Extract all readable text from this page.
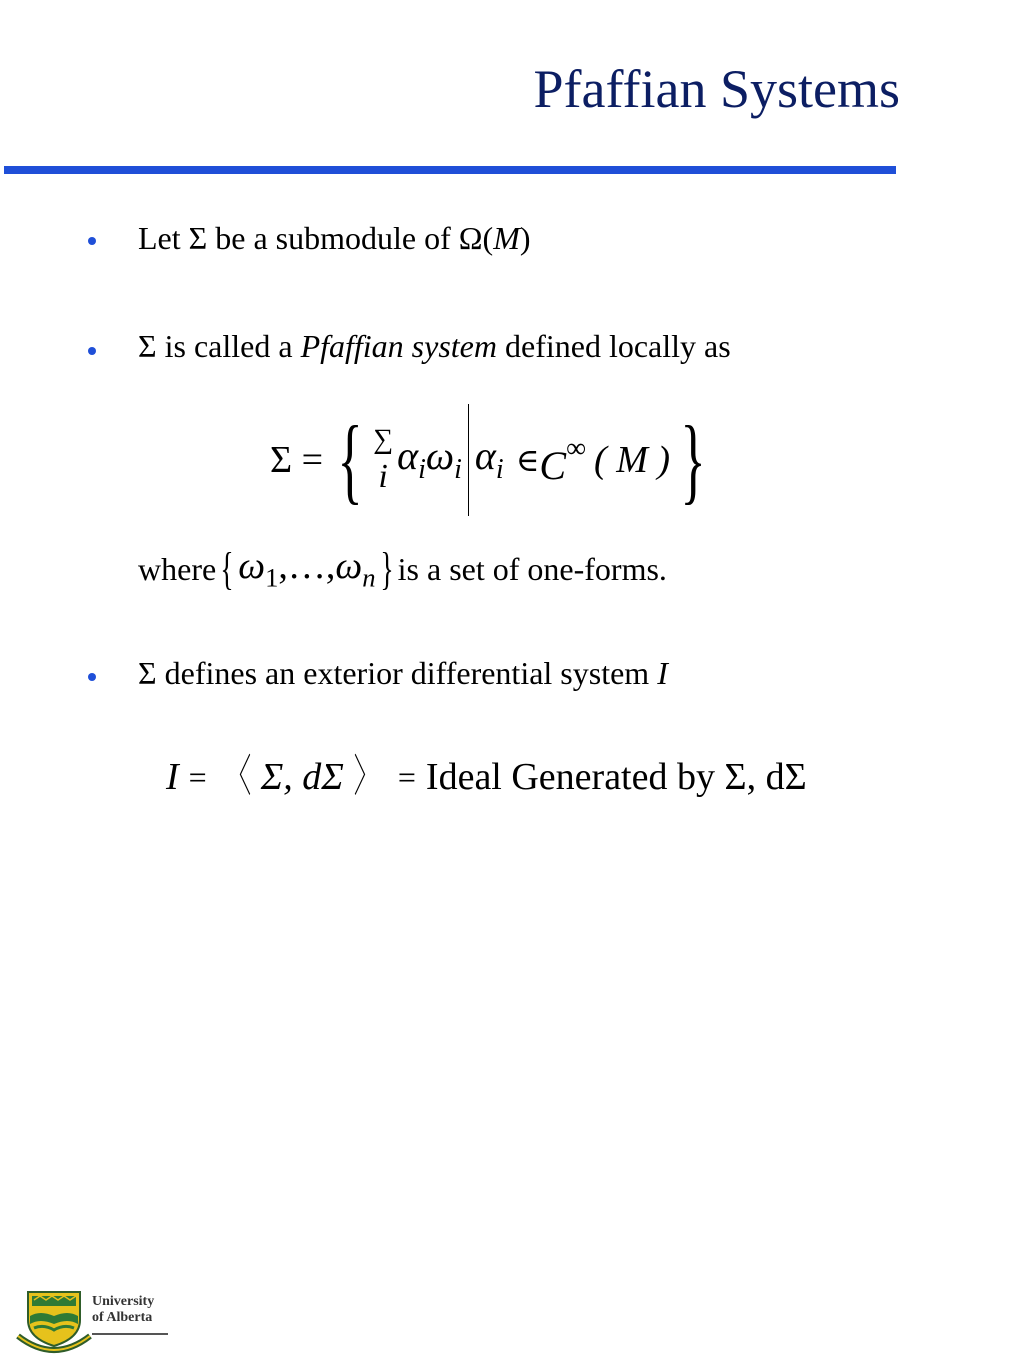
Pfaffian Systems
Let Σ be a submodule of Ω(M)
Σ is called a Pfaffian system defined locally as
Σ = { ∑
i $\alpha_i\omega_i$ $\alpha_i$ ∈ C∞ ( M ) }
where { $\omega_1,\dots,\omega_n$ } is a set of one-forms.
Σ defines an exterior differential system I
I = 〈 Σ, dΣ 〉 = Ideal Generated by Σ, dΣ
University
of Alberta
